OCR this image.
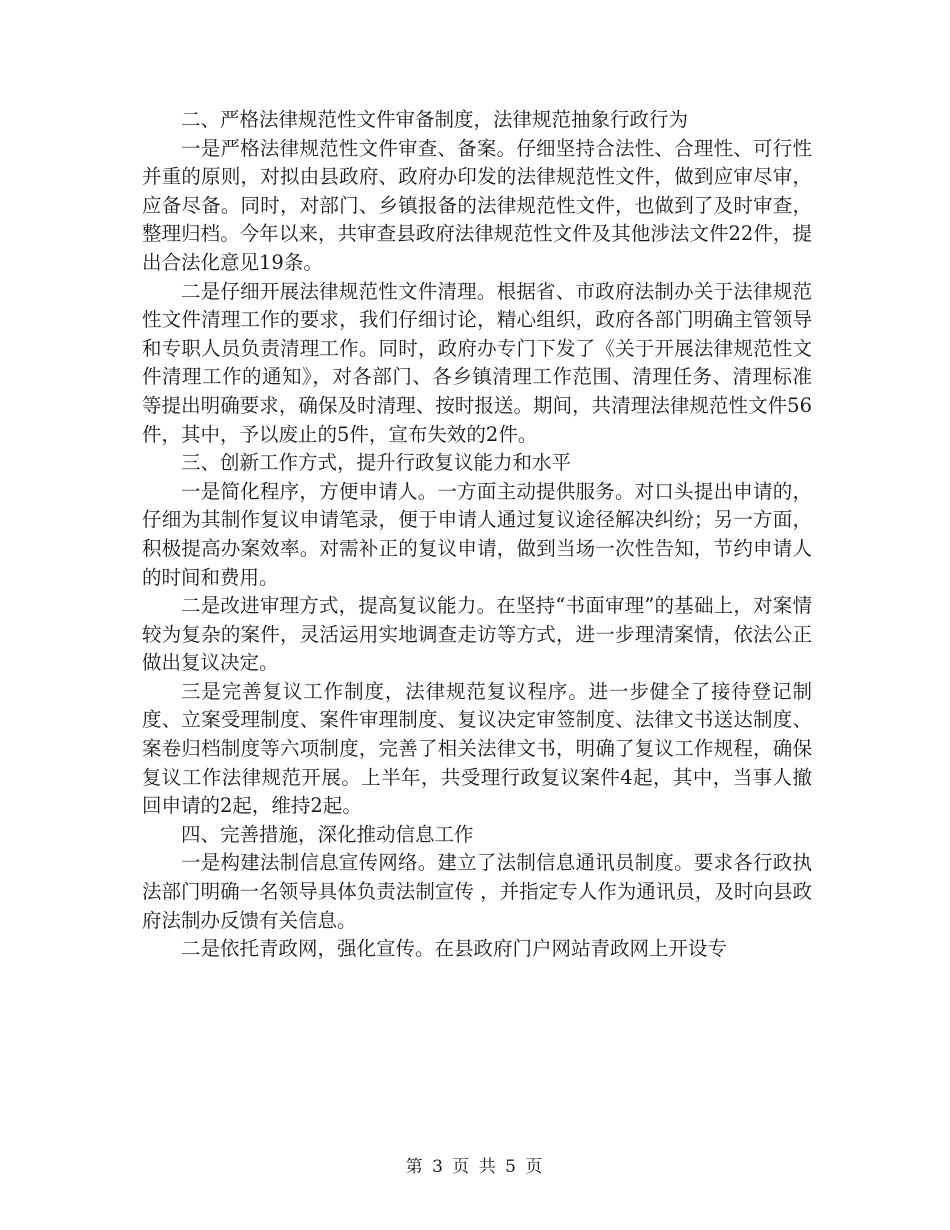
二、严格法律规范性文件审备制度，法律规范抽象行政行为

一是严格法律规范性文件审查、备案。仔细坚持合法性、合理性、可行性并重的原则，对拟由县政府、政府办印发的法律规范性文件，做到应审尽审，应备尽备。同时，对部门、乡镇报备的法律规范性文件，也做到了及时审查，整理归档。今年以来，共审查县政府法律规范性文件及其他涉法文件22件，提出合法化意见19条。

二是仔细开展法律规范性文件清理。根据省、市政府法制办关于法律规范性文件清理工作的要求，我们仔细讨论，精心组织，政府各部门明确主管领导和专职人员负责清理工作。同时，政府办专门下发了《关于开展法律规范性文件清理工作的通知》，对各部门、各乡镇清理工作范围、清理任务、清理标准等提出明确要求，确保及时清理、按时报送。期间，共清理法律规范性文件56件，其中，予以废止的5件，宣布失效的2件。

三、创新工作方式，提升行政复议能力和水平

一是简化程序，方便申请人。一方面主动提供服务。对口头提出申请的，仔细为其制作复议申请笔录，便于申请人通过复议途径解决纠纷；另一方面，积极提高办案效率。对需补正的复议申请，做到当场一次性告知，节约申请人的时间和费用。

二是改进审理方式，提高复议能力。在坚持“书面审理”的基础上，对案情较为复杂的案件，灵活运用实地调查走访等方式，进一步理清案情，依法公正做出复议决定。

三是完善复议工作制度，法律规范复议程序。进一步健全了接待登记制度、立案受理制度、案件审理制度、复议决定审签制度、法律文书送达制度、案卷归档制度等六项制度，完善了相关法律文书，明确了复议工作规程，确保复议工作法律规范开展。上半年，共受理行政复议案件4起，其中，当事人撤回申请的2起，维持2起。

四、完善措施，深化推动信息工作

一是构建法制信息宣传网络。建立了法制信息通讯员制度。要求各行政执法部门明确一名领导具体负责法制宣传 ，并指定专人作为通讯员，及时向县政府法制办反馈有关信息。

二是依托青政网，强化宣传。在县政府门户网站青政网上开设专

第 3 页 共 5 页
